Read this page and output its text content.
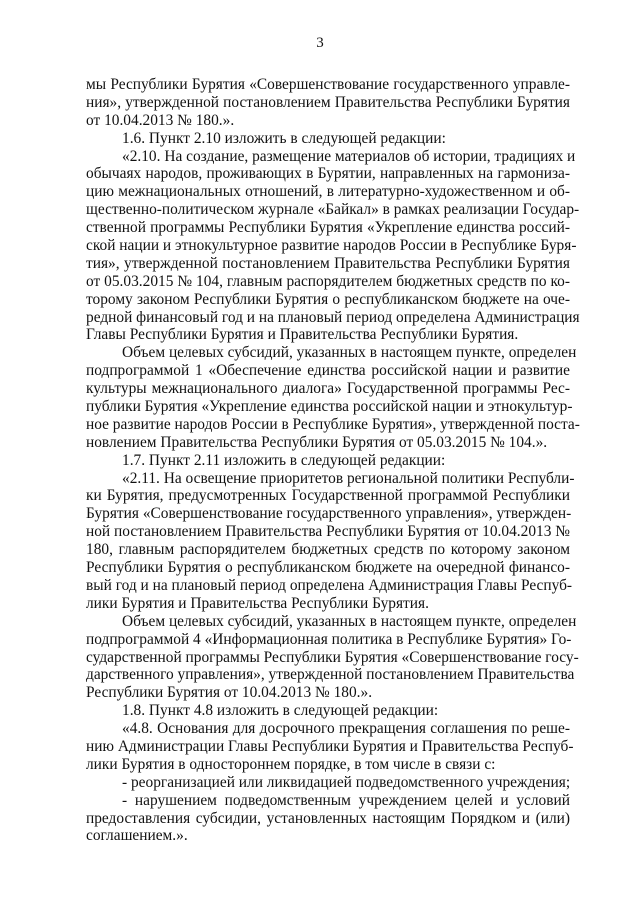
3
мы Республики Бурятия «Совершенствование государственного управле-
ния», утвержденной постановлением Правительства Республики Бурятия
от 10.04.2013 № 180.».
1.6. Пункт 2.10 изложить в следующей редакции:
«2.10. На создание, размещение материалов об истории, традициях и
обычаях народов, проживающих в Бурятии, направленных на гармониза-
цию межнациональных отношений, в литературно-художественном и об-
щественно-политическом журнале «Байкал» в рамках реализации Государ-
ственной программы Республики Бурятия «Укрепление единства россий-
ской нации и этнокультурное развитие народов России в Республике Буря-
тия», утвержденной постановлением Правительства Республики Бурятия
от 05.03.2015 № 104, главным распорядителем бюджетных средств по ко-
торому законом Республики Бурятия о республиканском бюджете на оче-
редной финансовый год и на плановый период определена Администрация
Главы Республики Бурятия и Правительства Республики Бурятия.
Объем целевых субсидий, указанных в настоящем пункте, определен
подпрограммой 1 «Обеспечение единства российской нации и развитие
культуры межнационального диалога» Государственной программы Рес-
публики Бурятия «Укрепление единства российской нации и этнокультур-
ное развитие народов России в Республике Бурятия», утвержденной поста-
новлением Правительства Республики Бурятия от 05.03.2015 № 104.».
1.7. Пункт 2.11 изложить в следующей редакции:
«2.11. На освещение приоритетов региональной политики Республи-
ки Бурятия, предусмотренных Государственной программой Республики
Бурятия «Совершенствование государственного управления», утвержден-
ной постановлением Правительства Республики Бурятия от 10.04.2013 №
180, главным распорядителем бюджетных средств по которому законом
Республики Бурятия о республиканском бюджете на очередной финансо-
вый год и на плановый период определена Администрация Главы Респуб-
лики Бурятия и Правительства Республики Бурятия.
Объем целевых субсидий, указанных в настоящем пункте, определен
подпрограммой 4 «Информационная политика в Республике Бурятия» Го-
сударственной программы Республики Бурятия «Совершенствование госу-
дарственного управления», утвержденной постановлением Правительства
Республики Бурятия от 10.04.2013 № 180.».
1.8. Пункт 4.8 изложить в следующей редакции:
«4.8. Основания для досрочного прекращения соглашения по реше-
нию Администрации Главы Республики Бурятия и Правительства Респуб-
лики Бурятия в одностороннем порядке, в том числе в связи с:
- реорганизацией или ликвидацией подведомственного учреждения;
- нарушением подведомственным учреждением целей и условий
предоставления субсидии, установленных настоящим Порядком и (или)
соглашением.».
